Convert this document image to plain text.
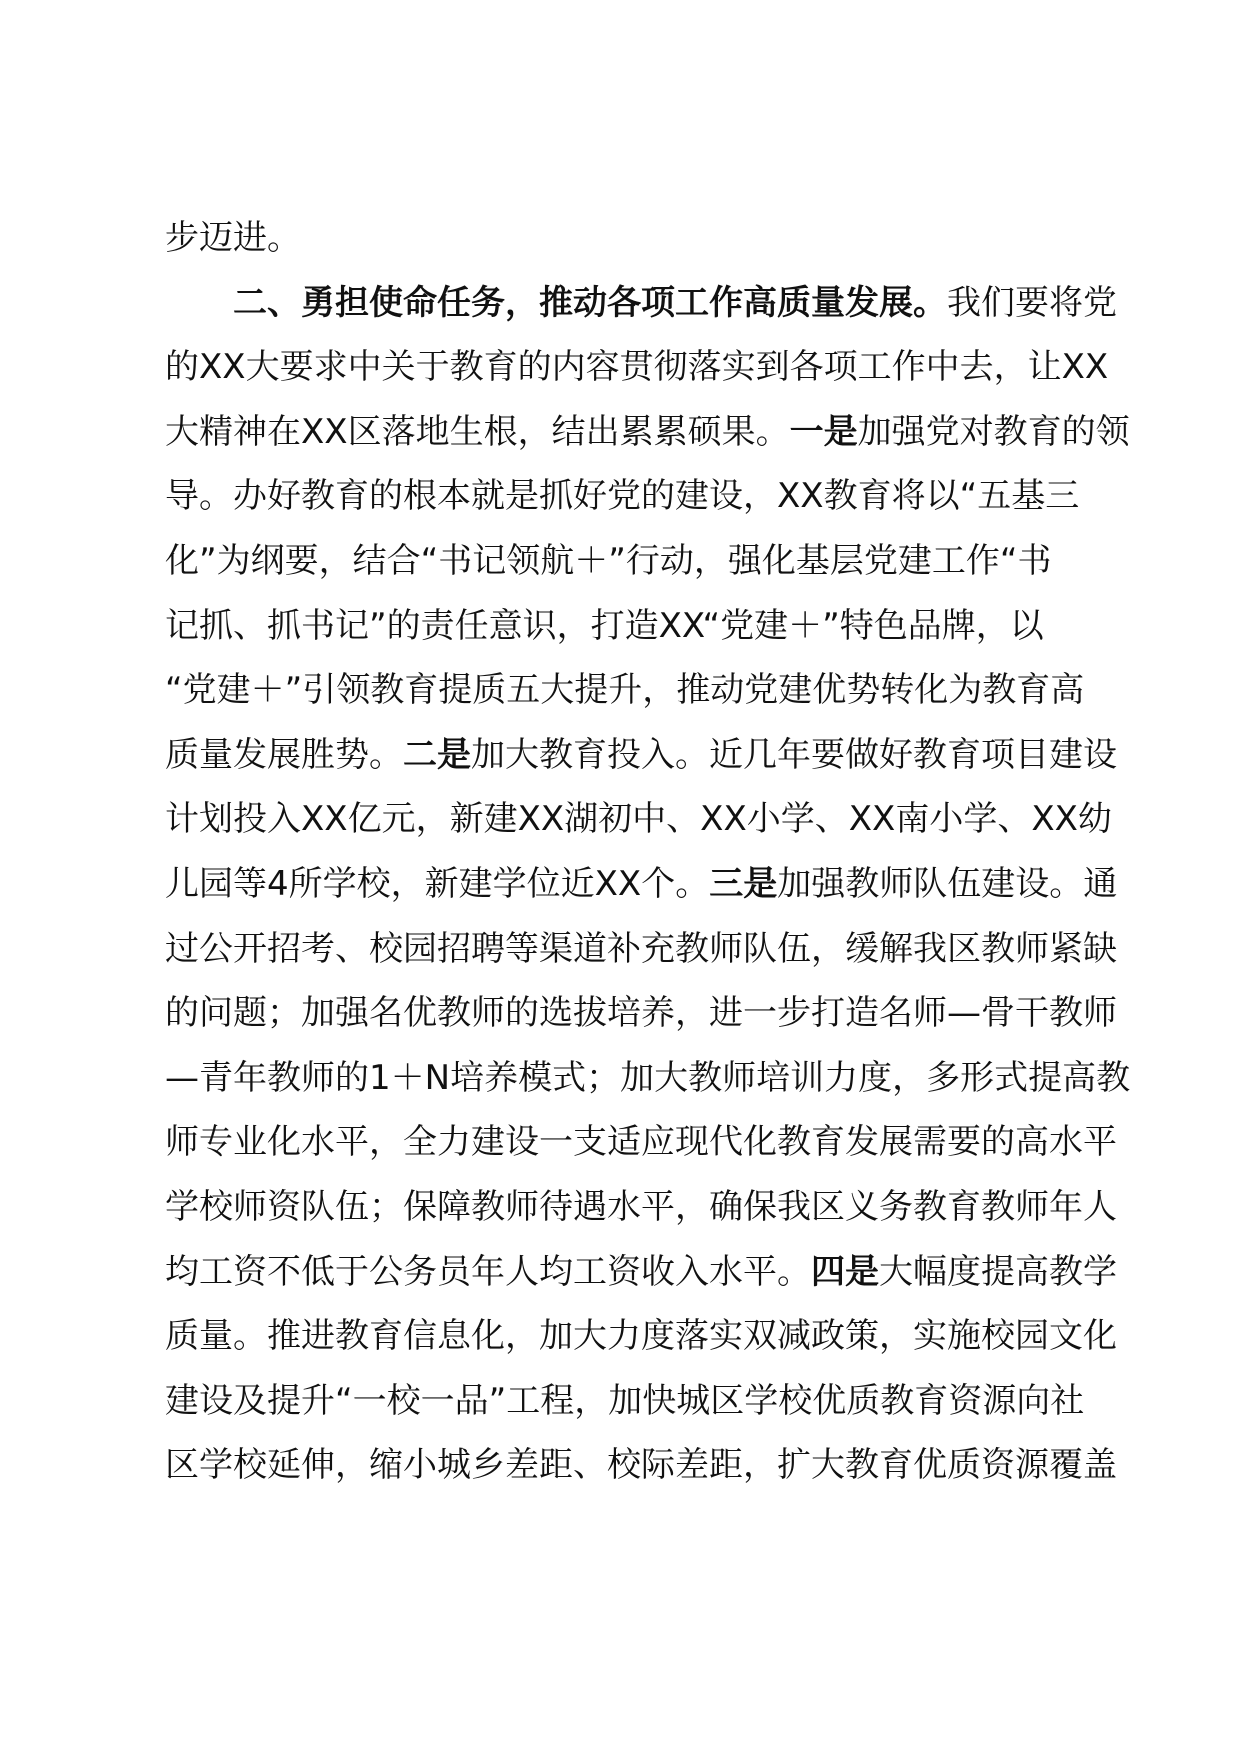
步迈进。
二、勇担使命任务，推动各项工作高质量发展。我们要将党
的XX大要求中关于教育的内容贯彻落实到各项工作中去，让XX
大精神在XX区落地生根，结出累累硕果。一是加强党对教育的领
导。办好教育的根本就是抓好党的建设，XX教育将以“五基三
化”为纲要，结合“书记领航＋”行动，强化基层党建工作“书
记抓、抓书记”的责任意识，打造XX“党建＋”特色品牌，以
“党建＋”引领教育提质五大提升，推动党建优势转化为教育高
质量发展胜势。二是加大教育投入。近几年要做好教育项目建设
计划投入XX亿元，新建XX湖初中、XX小学、XX南小学、XX幼
儿园等4所学校，新建学位近XX个。三是加强教师队伍建设。通
过公开招考、校园招聘等渠道补充教师队伍，缓解我区教师紧缺
的问题；加强名优教师的选拔培养，进一步打造名师—骨干教师
—青年教师的1＋N培养模式；加大教师培训力度，多形式提高教
师专业化水平，全力建设一支适应现代化教育发展需要的高水平
学校师资队伍；保障教师待遇水平，确保我区义务教育教师年人
均工资不低于公务员年人均工资收入水平。四是大幅度提高教学
质量。推进教育信息化，加大力度落实双减政策，实施校园文化
建设及提升“一校一品”工程，加快城区学校优质教育资源向社
区学校延伸，缩小城乡差距、校际差距，扩大教育优质资源覆盖
